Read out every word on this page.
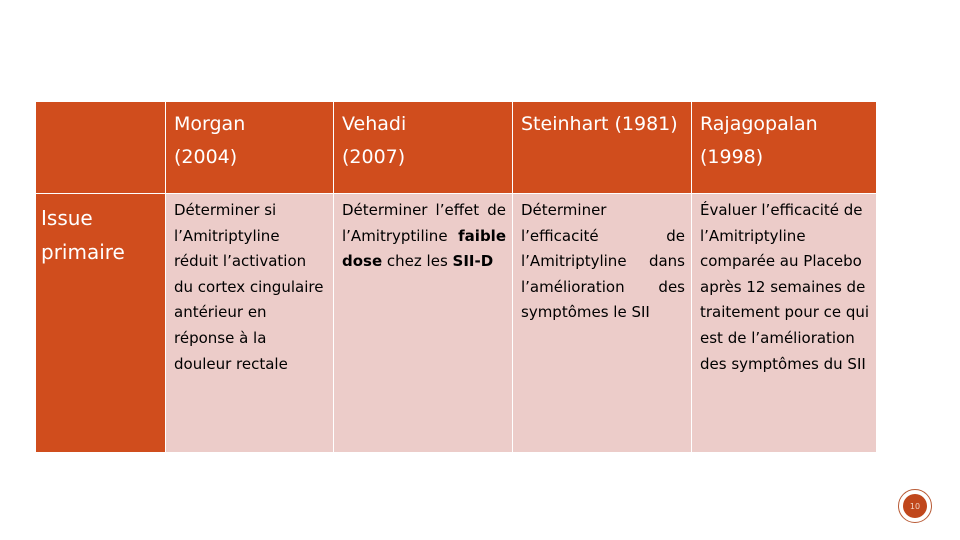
Morgan
(2004)
Vehadi
(2007)
Steinhart (1981)	Rajagopalan
(1998)
Issue
primaire
Déterminer si l’Amitriptyline réduit l’activation du cortex cingulaire antérieur en réponse à la douleur rectale
Déterminer l’effet de l’Amitryptiline faible dose chez les SII-D
Déterminer l’efficacité de l’Amitriptyline dans l’amélioration des symptômes le SII
Évaluer l’efficacité de l’Amitriptyline comparée au Placebo après 12 semaines de traitement pour ce qui est de l’amélioration des symptômes du SII
10
